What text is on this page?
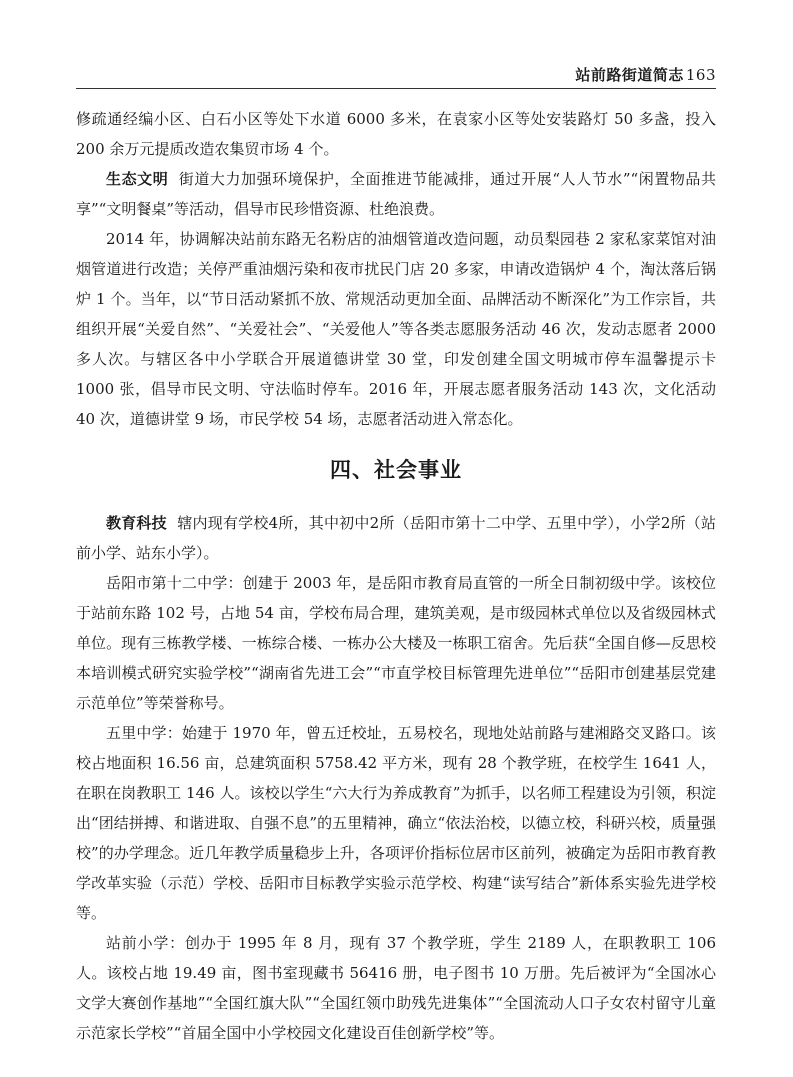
站前路街道简志 163

修疏通经编小区、白石小区等处下水道 6000 多米，在袁家小区等处安装路灯 50 多盏，投入 200 余万元提质改造农集贸市场 4 个。

生态文明 街道大力加强环境保护，全面推进节能减排，通过开展“人人节水”“闲置物品共享”“文明餐桌”等活动，倡导市民珍惜资源、杜绝浪费。

2014 年，协调解决站前东路无名粉店的油烟管道改造问题，动员梨园巷 2 家私家菜馆对油烟管道进行改造；关停严重油烟污染和夜市扰民门店 20 多家，申请改造锅炉 4 个，淘汰落后锅炉 1 个。当年，以“节日活动紧抓不放、常规活动更加全面、品牌活动不断深化”为工作宗旨，共组织开展“关爱自然”、“关爱社会”、“关爱他人”等各类志愿服务活动 46 次，发动志愿者 2000 多人次。与辖区各中小学联合开展道德讲堂 30 堂，印发创建全国文明城市停车温馨提示卡 1000 张，倡导市民文明、守法临时停车。2016 年，开展志愿者服务活动 143 次，文化活动 40 次，道德讲堂 9 场，市民学校 54 场，志愿者活动进入常态化。

四、社会事业

教育科技 辖内现有学校4所，其中初中2所（岳阳市第十二中学、五里中学），小学2所（站前小学、站东小学）。

岳阳市第十二中学：创建于 2003 年，是岳阳市教育局直管的一所全日制初级中学。该校位于站前东路 102 号，占地 54 亩，学校布局合理，建筑美观，是市级园林式单位以及省级园林式单位。现有三栋教学楼、一栋综合楼、一栋办公大楼及一栋职工宿舍。先后获“全国自修—反思校本培训模式研究实验学校”“湖南省先进工会”“市直学校目标管理先进单位”“岳阳市创建基层党建示范单位”等荣誉称号。

五里中学：始建于 1970 年，曾五迁校址，五易校名，现地处站前路与建湘路交叉路口。该校占地面积 16.56 亩，总建筑面积 5758.42 平方米，现有 28 个教学班，在校学生 1641 人，在职在岗教职工 146 人。该校以学生“六大行为养成教育”为抓手，以名师工程建设为引领，积淀出“团结拼搏、和谐进取、自强不息”的五里精神，确立“依法治校，以德立校，科研兴校，质量强校”的办学理念。近几年教学质量稳步上升，各项评价指标位居市区前列，被确定为岳阳市教育教学改革实验（示范）学校、岳阳市目标教学实验示范学校、构建“读写结合”新体系实验先进学校等。

站前小学：创办于 1995 年 8 月，现有 37 个教学班，学生 2189 人，在职教职工 106 人。该校占地 19.49 亩，图书室现藏书 56416 册，电子图书 10 万册。先后被评为“全国冰心文学大赛创作基地”“全国红旗大队”“全国红领巾助残先进集体”“全国流动人口子女农村留守儿童示范家长学校”“首届全国中小学校园文化建设百佳创新学校”等。
